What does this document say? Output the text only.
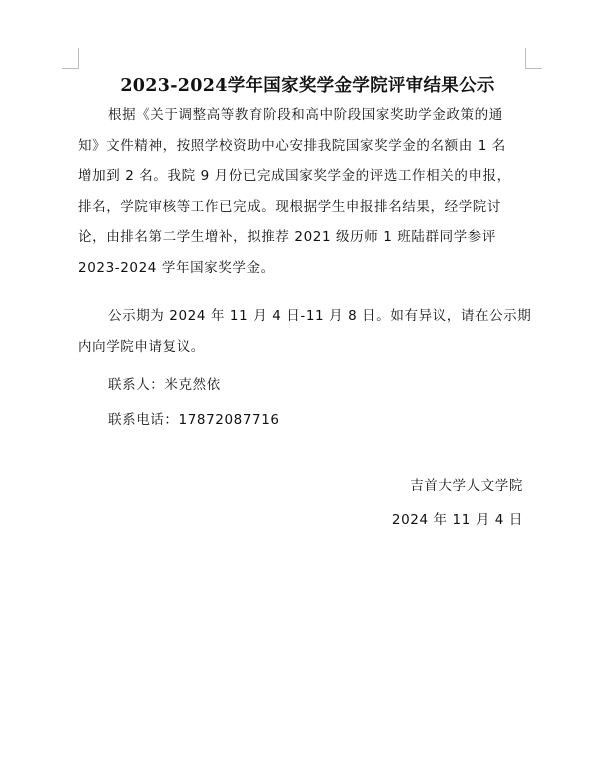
2023-2024学年国家奖学金学院评审结果公示
根据《关于调整高等教育阶段和高中阶段国家奖助学金政策的通
知》文件精神，按照学校资助中心安排我院国家奖学金的名额由 1 名
增加到 2 名。我院 9 月份已完成国家奖学金的评选工作相关的申报，
排名，学院审核等工作已完成。现根据学生申报排名结果，经学院讨
论，由排名第二学生增补，拟推荐 2021 级历师 1 班陆群同学参评
2023-2024 学年国家奖学金。
公示期为 2024 年 11 月 4 日-11 月 8 日。如有异议，请在公示期
内向学院申请复议。
联系人：米克然依
联系电话：17872087716
吉首大学人文学院
2024 年 11 月 4 日
